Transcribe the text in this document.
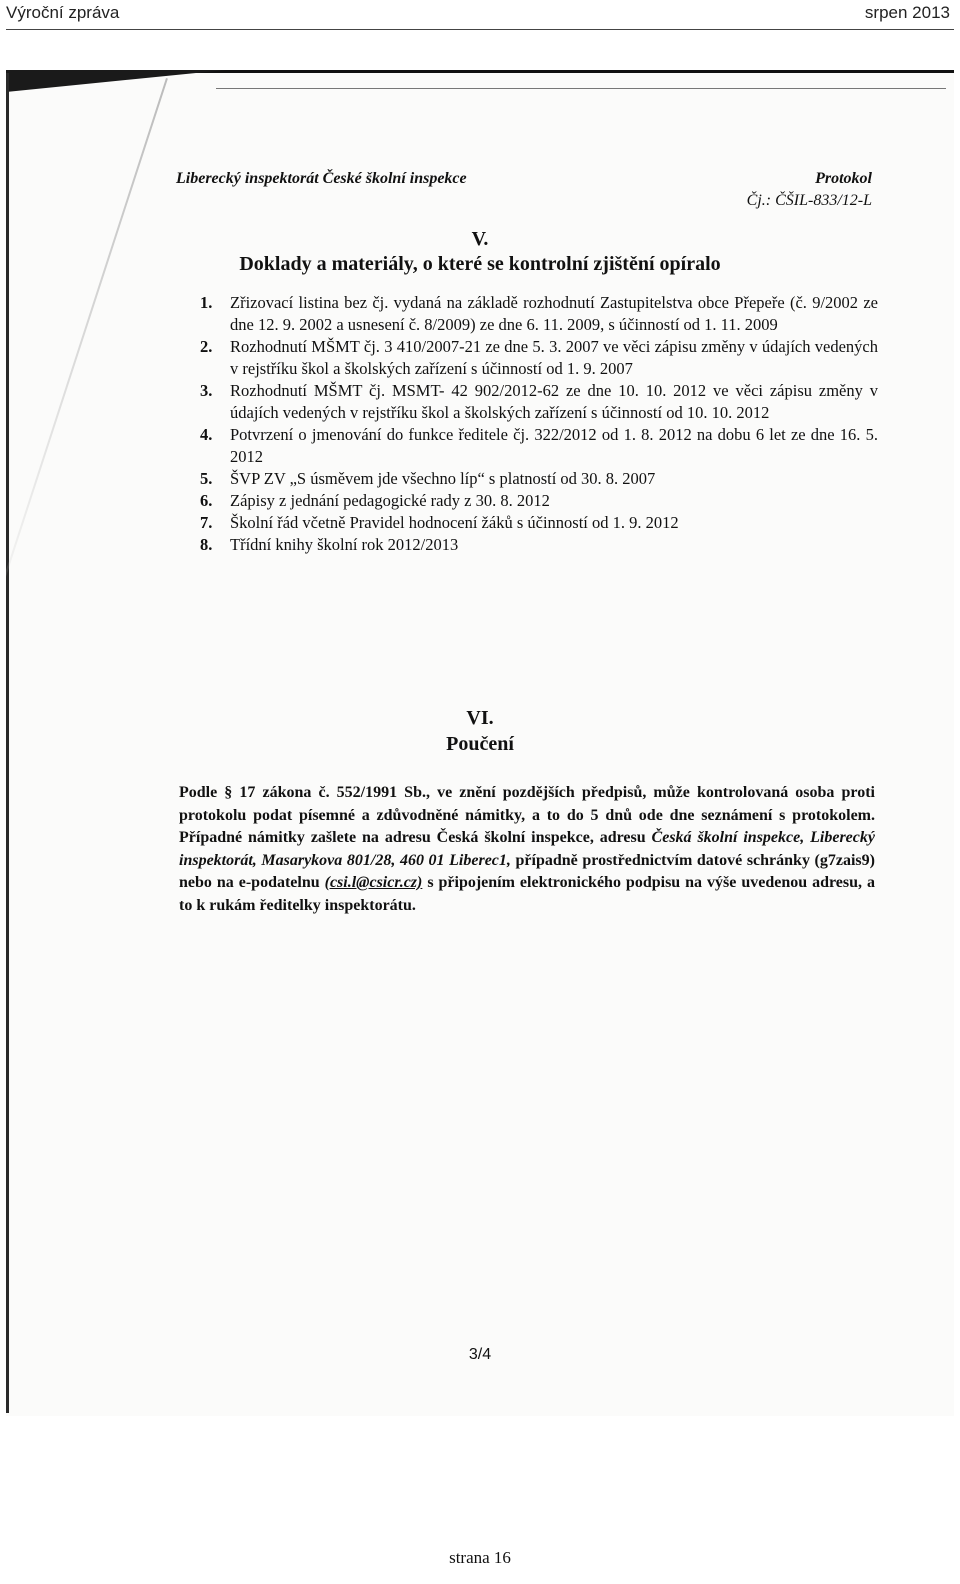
Výroční zpráva	srpen 2013
Liberecký inspektorát České školní inspekce	Protokol
Čj.: ČŠIL-833/12-L
V.
Doklady a materiály, o které se kontrolní zjištění opíralo
1. Zřizovací listina bez čj. vydaná na základě rozhodnutí Zastupitelstva obce Přepeře (č. 9/2002 ze dne 12. 9. 2002 a usnesení č. 8/2009) ze dne 6. 11. 2009, s účinností od 1. 11. 2009
2. Rozhodnutí MŠMT čj. 3 410/2007-21 ze dne 5. 3. 2007 ve věci zápisu změny v údajích vedených v rejstříku škol a školských zařízení s účinností od 1. 9. 2007
3. Rozhodnutí MŠMT čj. MSMT- 42 902/2012-62 ze dne 10. 10. 2012 ve věci zápisu změny v údajích vedených v rejstříku škol a školských zařízení s účinností od 10. 10. 2012
4. Potvrzení o jmenování do funkce ředitele čj. 322/2012 od 1. 8. 2012 na dobu 6 let ze dne 16. 5. 2012
5. ŠVP ZV „S úsměvem jde všechno líp“ s platností od 30. 8. 2007
6. Zápisy z jednání pedagogické rady z 30. 8. 2012
7. Školní řád včetně Pravidel hodnocení žáků s účinností od 1. 9. 2012
8. Třídní knihy školní rok 2012/2013
VI.
Poučení

Podle § 17 zákona č. 552/1991 Sb., ve znění pozdějších předpisů, může kontrolovaná osoba proti protokolu podat písemné a zdůvodněné námitky, a to do 5 dnů ode dne seznámení s protokolem. Případné námitky zašlete na adresu Česká školní inspekce, adresu Česká školní inspekce, Liberecký inspektorát, Masarykova 801/28, 460 01 Liberec1, případně prostřednictvím datové schránky (g7zais9) nebo na e-podatelnu (csi.l@csicr.cz) s připojením elektronického podpisu na výše uvedenou adresu, a to k rukám ředitelky inspektorátu.

3/4
strana 16
